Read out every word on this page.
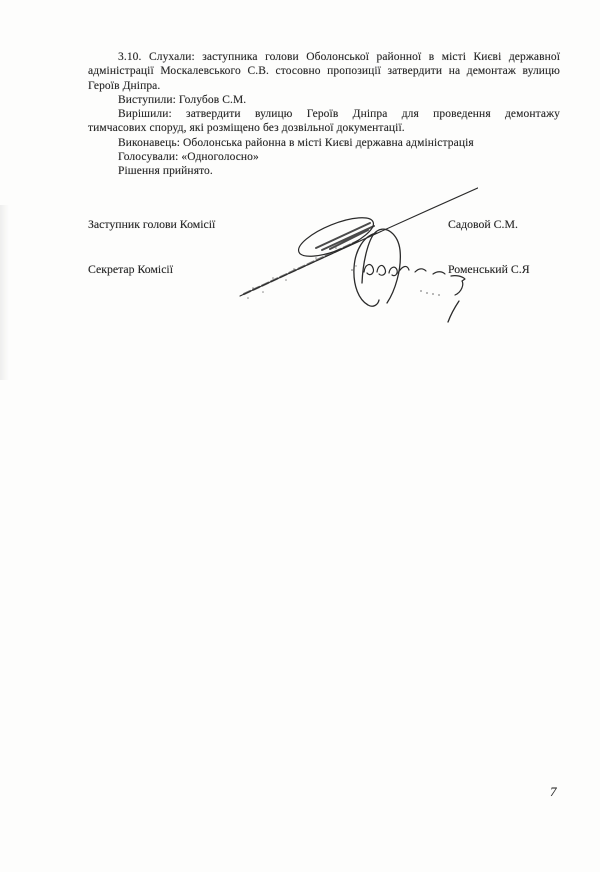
3.10. Слухали: заступника голови Оболонської районної в місті Києві державної
адміністрації Москалевського С.В. стосовно пропозиції затвердити на демонтаж вулицю
Героїв Дніпра.
Виступили: Голубов С.М.
Вирішили: затвердити вулицю Героїв Дніпра для проведення демонтажу
тимчасових споруд, які розміщено без дозвільної документації.
Виконавець: Оболонська районна в місті Києві державна адміністрація
Голосували: «Одноголосно»
Рішення прийнято.
Заступник голови Комісії	Садовой С.М.
Секретар Комісії	Роменський С.Я
7
